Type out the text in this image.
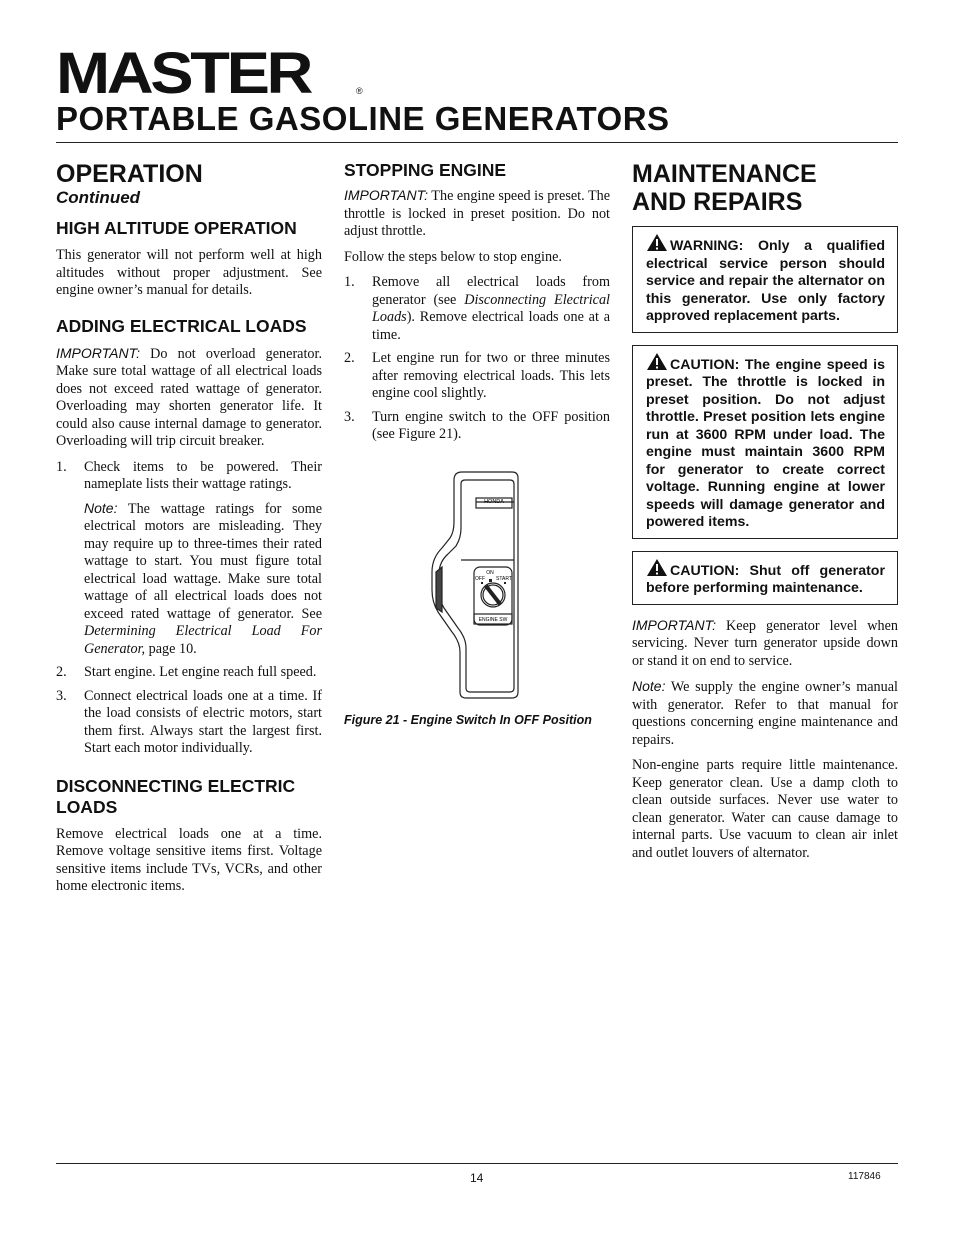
MASTER	®
PORTABLE GASOLINE GENERATORS
OPERATION
Continued
HIGH ALTITUDE OPERATION

This generator will not perform well at high altitudes without proper adjustment. See engine owner’s manual for details.

ADDING ELECTRICAL LOADS

IMPORTANT: Do not overload generator. Make sure total wattage of all electrical loads does not exceed rated wattage of generator. Overloading may shorten generator life. It could also cause internal damage to generator. Overloading will trip circuit breaker.

1. Check items to be powered. Their nameplate lists their wattage ratings.
Note: The wattage ratings for some electrical motors are misleading. They may require up to three-times their rated wattage to start. You must figure total electrical load wattage. Make sure total wattage of all electrical loads does not exceed rated wattage of generator. See Determining Electrical Load For Generator, page 10.
2. Start engine. Let engine reach full speed.
3. Connect electrical loads one at a time. If the load consists of electric motors, start them first. Always start the largest first. Start each motor individually.
DISCONNECTING ELECTRIC LOADS

Remove electrical loads one at a time. Remove voltage sensitive items first. Voltage sensitive items include TVs, VCRs, and other home electronic items.

STOPPING ENGINE

IMPORTANT: The engine speed is preset. The throttle is locked in preset position. Do not adjust throttle.

Follow the steps below to stop engine.

1. Remove all electrical loads from generator (see Disconnecting Electrical Loads). Remove electrical loads one at a time.
2. Let engine run for two or three minutes after removing electrical loads. This lets engine cool slightly.
3. Turn engine switch to the OFF position (see Figure 21).
HONDA
ON
OFF START
ENGINE SW
Figure 21 - Engine Switch In OFF Position
MAINTENANCE
AND REPAIRS
WARNING: Only a qualified electrical service person should service and repair the alternator on this generator. Use only factory approved replacement parts.
CAUTION: The engine speed is preset. The throttle is locked in preset position. Do not adjust throttle. Preset position lets engine run at 3600 RPM under load. The engine must maintain 3600 RPM for generator to create correct voltage. Running engine at lower speeds will damage generator and powered items.
CAUTION: Shut off generator before performing maintenance.

IMPORTANT: Keep generator level when servicing. Never turn generator upside down or stand it on end to service.

Note: We supply the engine owner’s manual with generator. Refer to that manual for questions concerning engine maintenance and repairs.

Non-engine parts require little maintenance. Keep generator clean. Use a damp cloth to clean outside surfaces. Never use water to clean generator. Water can cause damage to internal parts. Use vacuum to clean air inlet and outlet louvers of alternator.

14	117846
